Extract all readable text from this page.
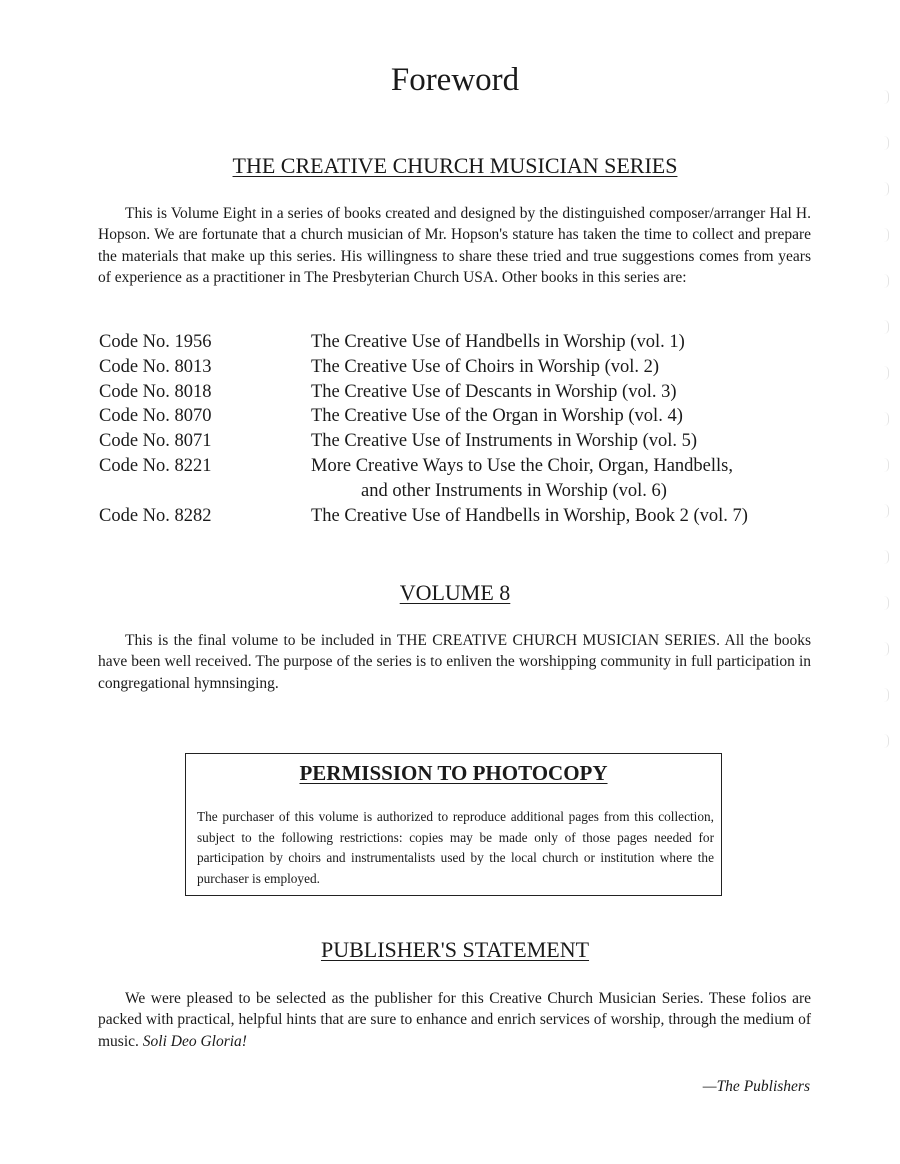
Foreword
THE CREATIVE CHURCH MUSICIAN SERIES

This is Volume Eight in a series of books created and designed by the distinguished composer/arranger Hal H. Hopson. We are fortunate that a church musician of Mr. Hopson's stature has taken the time to collect and prepare the materials that make up this series. His willingness to share these tried and true suggestions comes from years of experience as a practitioner in The Presbyterian Church USA. Other books in this series are:

Code No. 1956	The Creative Use of Handbells in Worship (vol. 1)
Code No. 8013	The Creative Use of Choirs in Worship (vol. 2)
Code No. 8018	The Creative Use of Descants in Worship (vol. 3)
Code No. 8070	The Creative Use of the Organ in Worship (vol. 4)
Code No. 8071	The Creative Use of Instruments in Worship (vol. 5)
Code No. 8221	More Creative Ways to Use the Choir, Organ, Handbells,
and other Instruments in Worship (vol. 6)
Code No. 8282	The Creative Use of Handbells in Worship, Book 2 (vol. 7)
VOLUME 8

This is the final volume to be included in THE CREATIVE CHURCH MUSICIAN SERIES. All the books have been well received. The purpose of the series is to enliven the worshipping community in full participation in congregational hymnsinging.

PERMISSION TO PHOTOCOPY

The purchaser of this volume is authorized to reproduce additional pages from this collection, subject to the following restrictions: copies may be made only of those pages needed for participation by choirs and instrumentalists used by the local church or institution where the purchaser is employed.

PUBLISHER'S STATEMENT

We were pleased to be selected as the publisher for this Creative Church Musician Series. These folios are packed with practical, helpful hints that are sure to enhance and enrich services of worship, through the medium of music. Soli Deo Gloria!

—The Publishers
